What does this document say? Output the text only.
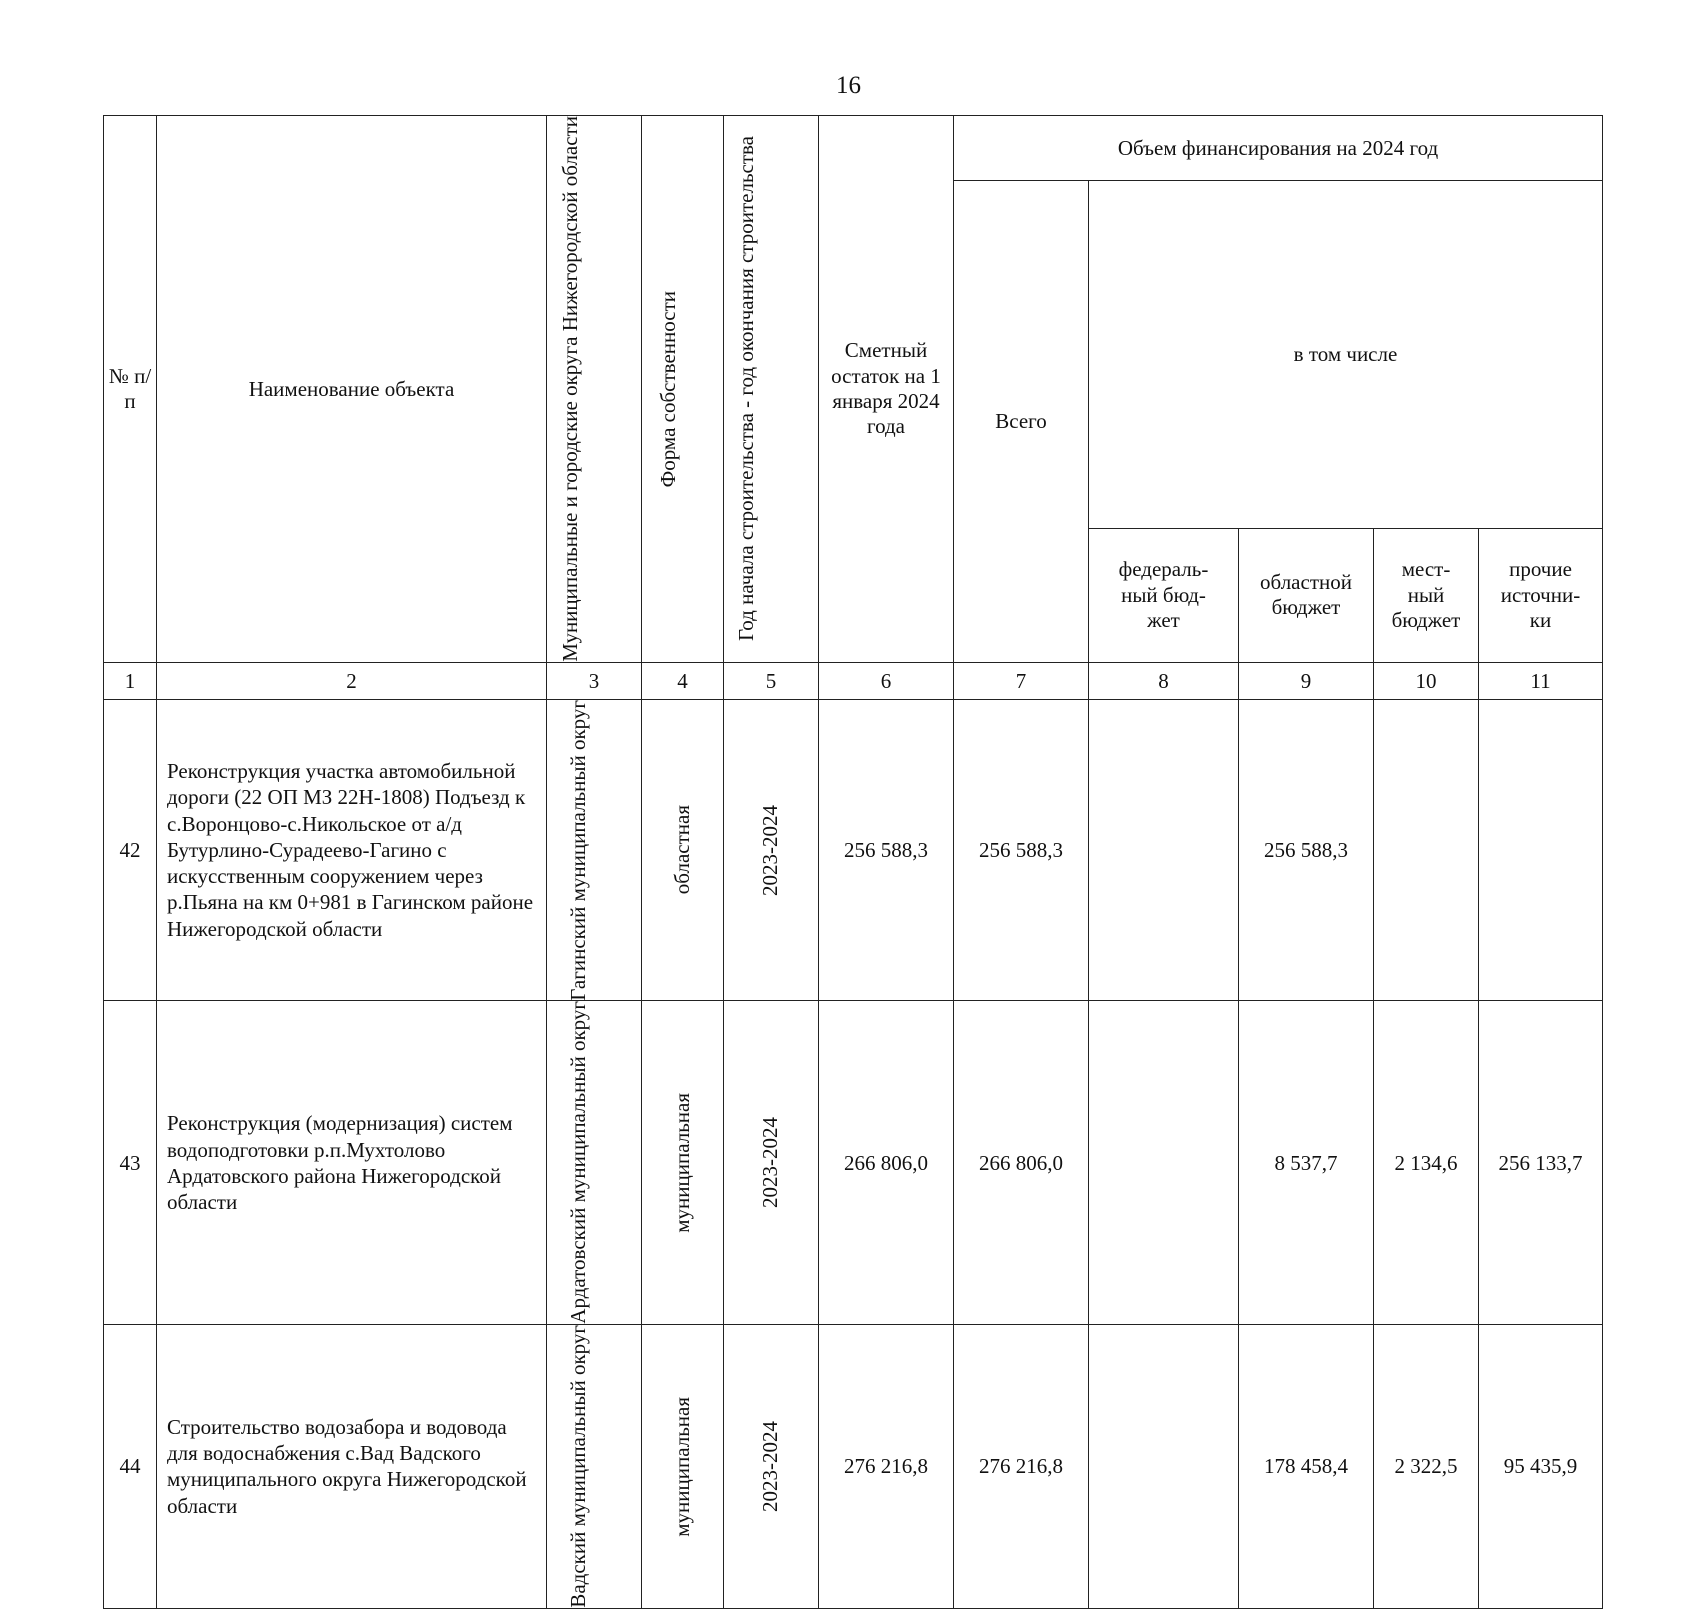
16
№ п/ п	Наименование объекта	Муниципальные и городские округа Нижегородской области	Форма собственности	Год начала строительства - год окончания строительства	Сметный остаток на 1 января 2024 года	Объем финансирования на 2024 год				

						Всего	в том числе			

							федераль-ный бюд-жет	областной бюджет	мест-ный бюджет	прочие источни-ки

1	2	3	4	5	6	7	8	9	10	11
42	Реконструкция участка автомобильной дороги (22 ОП МЗ 22Н-1808) Подъезд к с.Воронцово-с.Никольское от а/д Бутурлино-Сурадеево-Гагино с искусственным сооружением через р.Пьяна на км 0+981 в Гагинском районе Нижегородской области	Гагинский муниципальный округ	областная	2023-2024	256 588,3	256 588,3		256 588,3		
43	Реконструкция (модернизация) систем водоподготовки р.п.Мухтолово Ардатовского района Нижегородской области	Ардатовский муниципальный округ	муниципальная	2023-2024	266 806,0	266 806,0		8 537,7	2 134,6	256 133,7
44	Строительство водозабора и водовода для водоснабжения с.Вад Вадского муниципального округа Нижегородской области	Вадский муниципальный округ	муниципальная	2023-2024	276 216,8	276 216,8		178 458,4	2 322,5	95 435,9
